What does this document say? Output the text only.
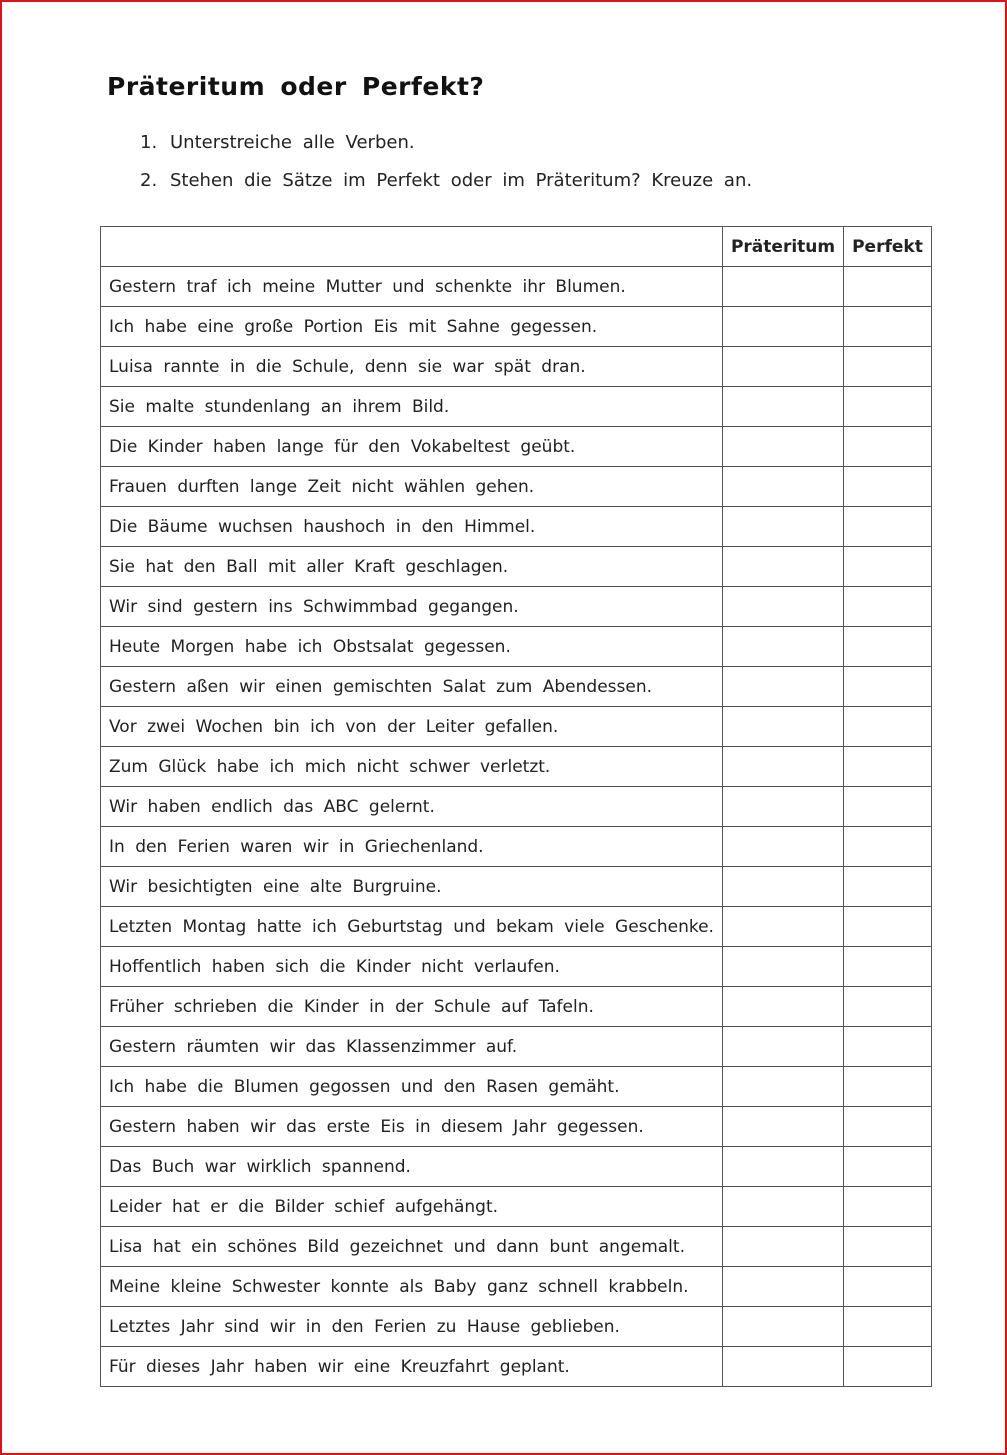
Präteritum oder Perfekt?
1. Unterstreiche alle Verben.
2. Stehen die Sätze im Perfekt oder im Präteritum? Kreuze an.
	Präteritum	Perfekt
Gestern traf ich meine Mutter und schenkte ihr Blumen.		
Ich habe eine große Portion Eis mit Sahne gegessen.		
Luisa rannte in die Schule, denn sie war spät dran.		
Sie malte stundenlang an ihrem Bild.		
Die Kinder haben lange für den Vokabeltest geübt.		
Frauen durften lange Zeit nicht wählen gehen.		
Die Bäume wuchsen haushoch in den Himmel.		
Sie hat den Ball mit aller Kraft geschlagen.		
Wir sind gestern ins Schwimmbad gegangen.		
Heute Morgen habe ich Obstsalat gegessen.		
Gestern aßen wir einen gemischten Salat zum Abendessen.		
Vor zwei Wochen bin ich von der Leiter gefallen.		
Zum Glück habe ich mich nicht schwer verletzt.		
Wir haben endlich das ABC gelernt.		
In den Ferien waren wir in Griechenland.		
Wir besichtigten eine alte Burgruine.		
Letzten Montag hatte ich Geburtstag und bekam viele Geschenke.		
Hoffentlich haben sich die Kinder nicht verlaufen.		
Früher schrieben die Kinder in der Schule auf Tafeln.		
Gestern räumten wir das Klassenzimmer auf.		
Ich habe die Blumen gegossen und den Rasen gemäht.		
Gestern haben wir das erste Eis in diesem Jahr gegessen.		
Das Buch war wirklich spannend.		
Leider hat er die Bilder schief aufgehängt.		
Lisa hat ein schönes Bild gezeichnet und dann bunt angemalt.		
Meine kleine Schwester konnte als Baby ganz schnell krabbeln.		
Letztes Jahr sind wir in den Ferien zu Hause geblieben.		
Für dieses Jahr haben wir eine Kreuzfahrt geplant.		
